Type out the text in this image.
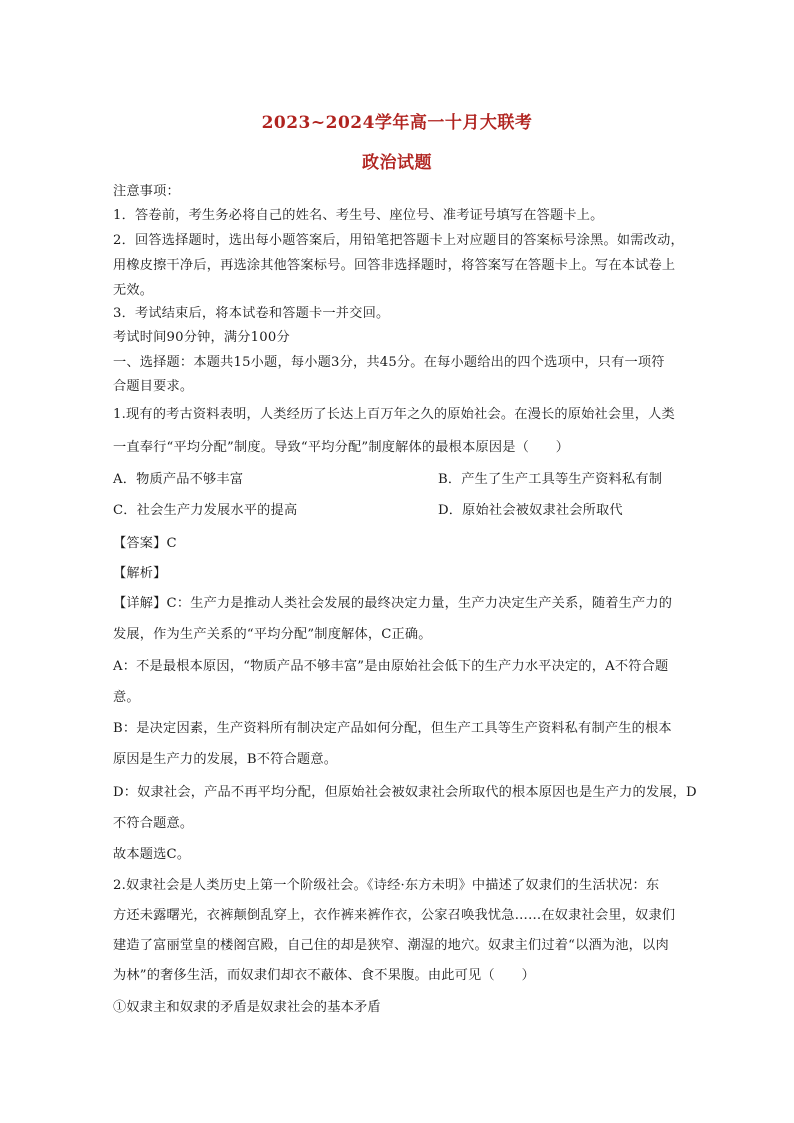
2023~2024学年高一十月大联考
政治试题
注意事项：
1．答卷前，考生务必将自己的姓名、考生号、座位号、准考证号填写在答题卡上。
2．回答选择题时，选出每小题答案后，用铅笔把答题卡上对应题目的答案标号涂黑。如需改动，
用橡皮擦干净后，再选涂其他答案标号。回答非选择题时，将答案写在答题卡上。写在本试卷上
无效。
3．考试结束后，将本试卷和答题卡一并交回。
考试时间90分钟，满分100分
一、选择题：本题共15小题，每小题3分，共45分。在每小题给出的四个选项中，只有一项符
合题目要求。
1.现有的考古资料表明，人类经历了长达上百万年之久的原始社会。在漫长的原始社会里，人类
一直奉行“平均分配”制度。导致“平均分配”制度解体的最根本原因是（　　）
A．物质产品不够丰富	B．产生了生产工具等生产资料私有制
C．社会生产力发展水平的提高	D．原始社会被奴隶社会所取代
【答案】C
【解析】
【详解】C：生产力是推动人类社会发展的最终决定力量，生产力决定生产关系，随着生产力的
发展，作为生产关系的“平均分配”制度解体，C正确。
A：不是最根本原因，“物质产品不够丰富”是由原始社会低下的生产力水平决定的，A不符合题
意。
B：是决定因素，生产资料所有制决定产品如何分配，但生产工具等生产资料私有制产生的根本
原因是生产力的发展，B不符合题意。
D：奴隶社会，产品不再平均分配，但原始社会被奴隶社会所取代的根本原因也是生产力的发展，D
不符合题意。
故本题选C。
2.奴隶社会是人类历史上第一个阶级社会。《诗经·东方未明》中描述了奴隶们的生活状况：东
方还未露曙光，衣裤颠倒乱穿上，衣作裤来裤作衣，公家召唤我忧急……在奴隶社会里，奴隶们
建造了富丽堂皇的楼阁宫殿，自己住的却是狭窄、潮湿的地穴。奴隶主们过着“以酒为池，以肉
为林”的奢侈生活，而奴隶们却衣不蔽体、食不果腹。由此可见（　　）
①奴隶主和奴隶的矛盾是奴隶社会的基本矛盾
